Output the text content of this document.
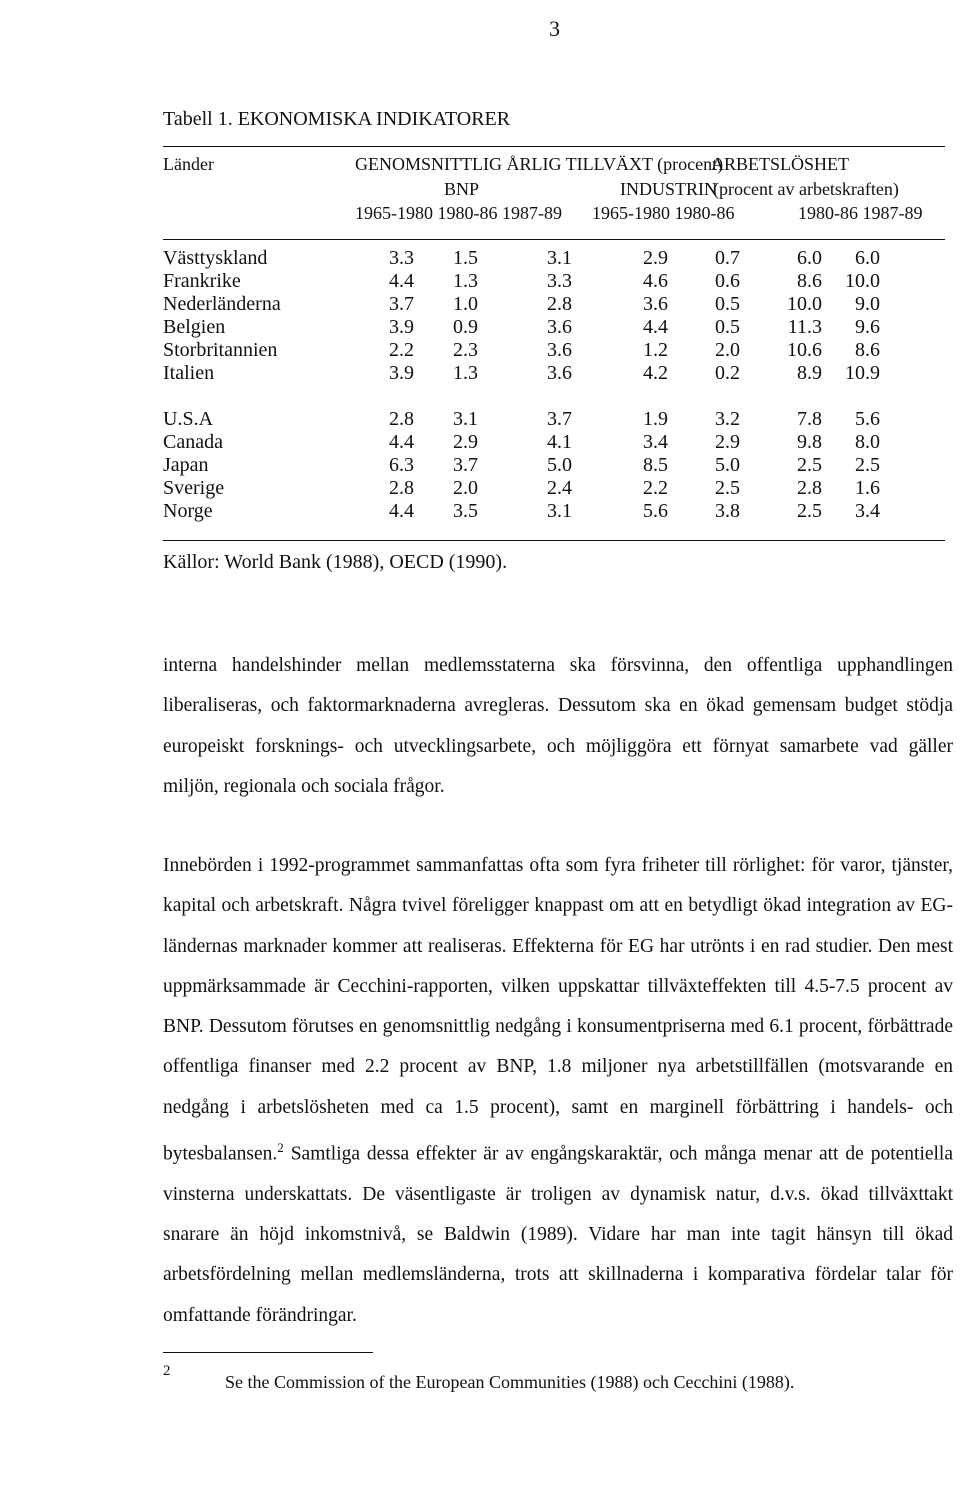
3
Tabell 1. EKONOMISKA INDIKATORER
Länder	GENOMSNITTLIG ÅRLIG TILLVÄXT (procent)
ARBETSLÖSHET
BNP	INDUSTRIN
(procent av arbetskraften)
1965-1980 1980-86 1987-89 1965-1980 1980-86	1980-86 1987-89
Västtyskland	3.3	1.5	3.1	2.9	0.7	6.0	6.0
Frankrike	4.4	1.3	3.3	4.6	0.6	8.6	10.0
Nederländerna	3.7	1.0	2.8	3.6	0.5	10.0	9.0
Belgien	3.9	0.9	3.6	4.4	0.5	11.3	9.6
Storbritannien	2.2	2.3	3.6	1.2	2.0	10.6	8.6
Italien	3.9	1.3	3.6	4.2	0.2	8.9	10.9
U.S.A	2.8	3.1	3.7	1.9	3.2	7.8	5.6
Canada	4.4	2.9	4.1	3.4	2.9	9.8	8.0
Japan	6.3	3.7	5.0	8.5	5.0	2.5	2.5
Sverige	2.8	2.0	2.4	2.2	2.5	2.8	1.6
Norge	4.4	3.5	3.1	5.6	3.8	2.5	3.4
Källor: World Bank (1988), OECD (1990).

interna handelshinder mellan medlemsstaterna ska försvinna, den offentliga upphandlingen liberaliseras, och faktormarknaderna avregleras. Dessutom ska en ökad gemensam budget stödja europeiskt forsknings- och utvecklingsarbete, och möjliggöra ett förnyat samarbete vad gäller miljön, regionala och sociala frågor.

Innebörden i 1992-programmet sammanfattas ofta som fyra friheter till rörlighet: för varor, tjänster, kapital och arbetskraft. Några tvivel föreligger knappast om att en betydligt ökad integration av EG-ländernas marknader kommer att realiseras. Effekterna för EG har utrönts i en rad studier. Den mest uppmärksammade är Cecchini-rapporten, vilken uppskattar tillväxteffekten till 4.5-7.5 procent av BNP. Dessutom förutses en genomsnittlig nedgång i konsumentpriserna med 6.1 procent, förbättrade offentliga finanser med 2.2 procent av BNP, 1.8 miljoner nya arbetstillfällen (motsvarande en nedgång i arbetslösheten med ca 1.5 procent), samt en marginell förbättring i handels- och bytesbalansen.$^2$ Samtliga dessa effekter är av engångskaraktär, och många menar att de potentiella vinsterna underskattats. De väsentligaste är troligen av dynamisk natur, d.v.s. ökad tillväxttakt snarare än höjd inkomstnivå, se Baldwin (1989). Vidare har man inte tagit hänsyn till ökad arbetsfördelning mellan medlemsländerna, trots att skillnaderna i komparativa fördelar talar för omfattande förändringar.

2
Se the Commission of the European Communities (1988) och Cecchini (1988).
